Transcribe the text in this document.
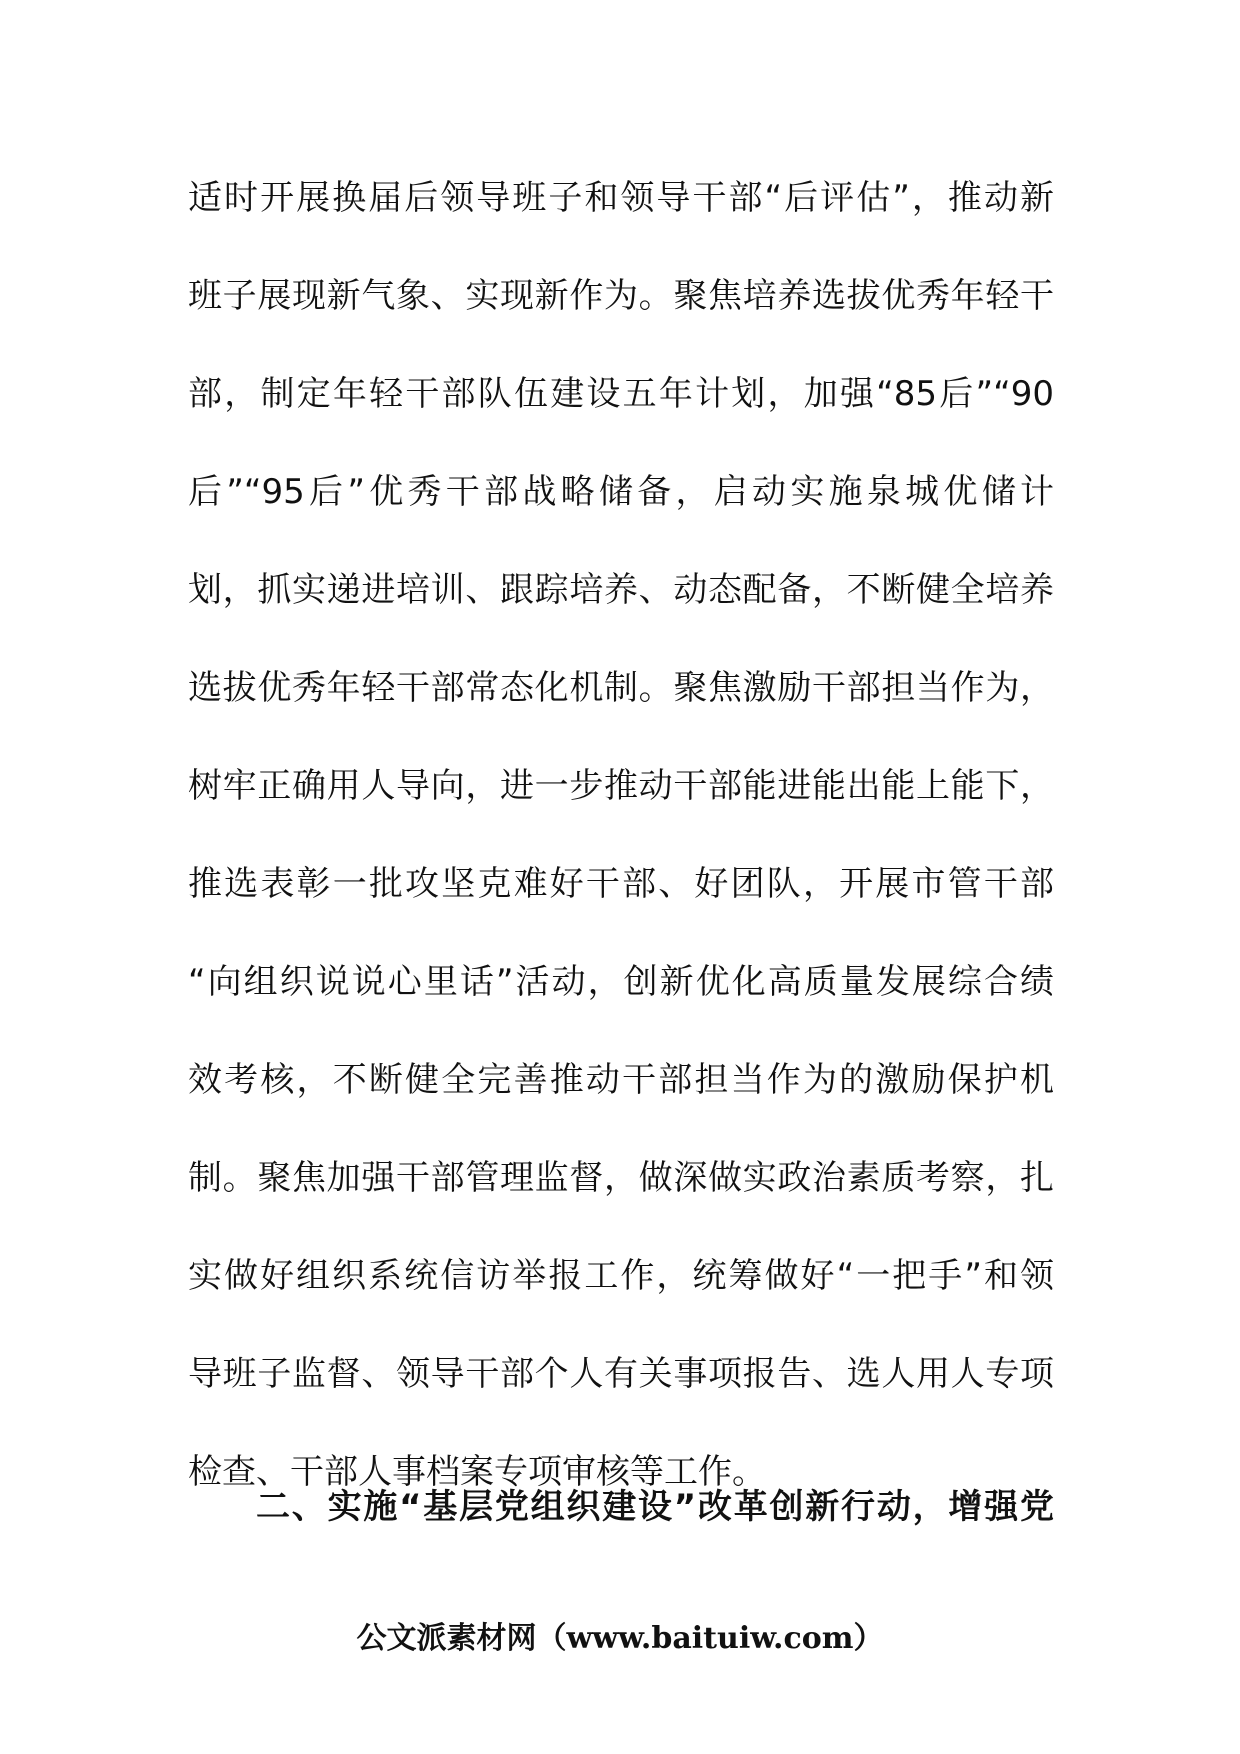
适时开展换届后领导班子和领导干部“后评估”，推动新
班子展现新气象、实现新作为。聚焦培养选拔优秀年轻干
部，制定年轻干部队伍建设五年计划，加强“85后”“90
后”“95后”优秀干部战略储备，启动实施泉城优储计
划，抓实递进培训、跟踪培养、动态配备，不断健全培养
选拔优秀年轻干部常态化机制。聚焦激励干部担当作为，
树牢正确用人导向，进一步推动干部能进能出能上能下，
推选表彰一批攻坚克难好干部、好团队，开展市管干部
“向组织说说心里话”活动，创新优化高质量发展综合绩
效考核，不断健全完善推动干部担当作为的激励保护机
制。聚焦加强干部管理监督，做深做实政治素质考察，扎
实做好组织系统信访举报工作，统筹做好“一把手”和领
导班子监督、领导干部个人有关事项报告、选人用人专项
检查、干部人事档案专项审核等工作。
二、实施“基层党组织建设”改革创新行动，增强党
公文派素材网（www.baituiw.com）
